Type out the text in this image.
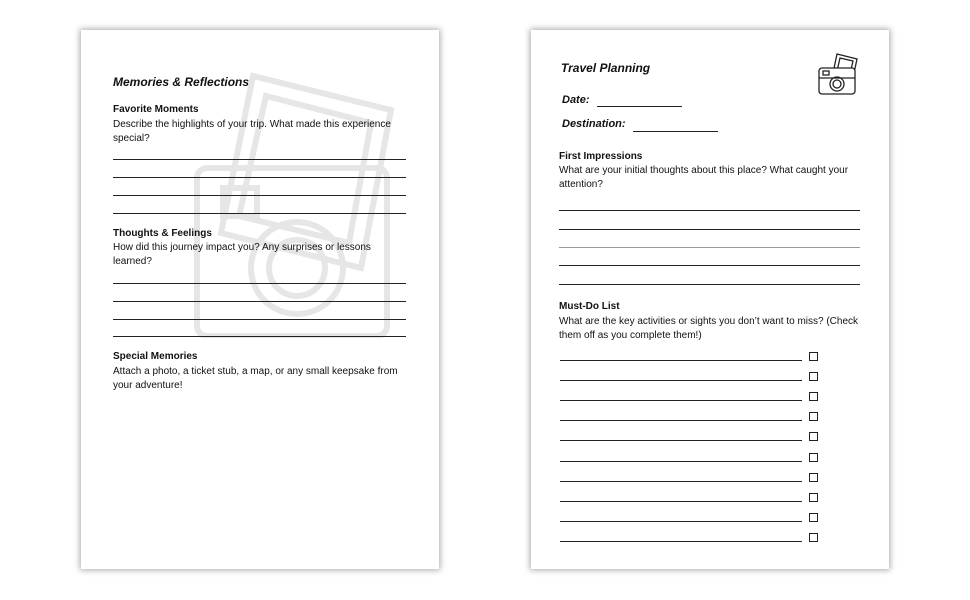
Memories & Reflections
Favorite Moments

Describe the highlights of your trip. What made this experience special?

Thoughts & Feelings

How did this journey impact you? Any surprises or lessons learned?

Special Memories

Attach a photo, a ticket stub, a map, or any small keepsake from your adventure!

Travel Planning
Date:
Destination:
First Impressions

What are your initial thoughts about this place? What caught your attention?

Must-Do List

What are the key activities or sights you don’t want to miss? (Check them off as you complete them!)
